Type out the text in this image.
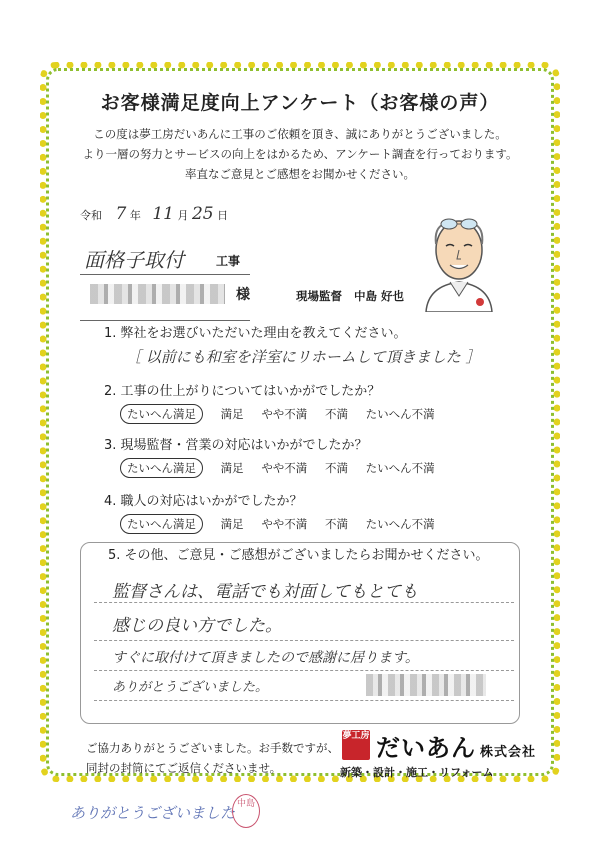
お客様満足度向上アンケート（お客様の声）
この度は夢工房だいあんに工事のご依頼を頂き、誠にありがとうございました。
より一層の努力とサービスの向上をはかるため、アンケート調査を行っております。
率直なご意見とご感想をお聞かせください。
令和 7 年 11 月 25 日
面格子取付	工事
様	現場監督 中島 好也
1. 弊社をお選びいただいた理由を教えてください。
［ 以前にも和室を洋室にリホームして頂きました ］
2. 工事の仕上がりについてはいかがでしたか？
たいへん満足 満足 やや不満 不満 たいへん不満
3. 現場監督・営業の対応はいかがでしたか？
たいへん満足 満足 やや不満 不満 たいへん不満
4. 職人の対応はいかがでしたか？
たいへん満足 満足 やや不満 不満 たいへん不満
5. その他、ご意見・ご感想がございましたらお聞かせください。
監督さんは、電話でも対面してもとても
感じの良い方でした。
すぐに取付けて頂きましたので感謝に居ります。
ありがとうございました。
ご協力ありがとうございました。お手数ですが、
同封の封筒にてご返信くださいませ。
夢工房 だいあん 株式会社
新築・設計・施工・リフォーム
ありがとうございました 中島
